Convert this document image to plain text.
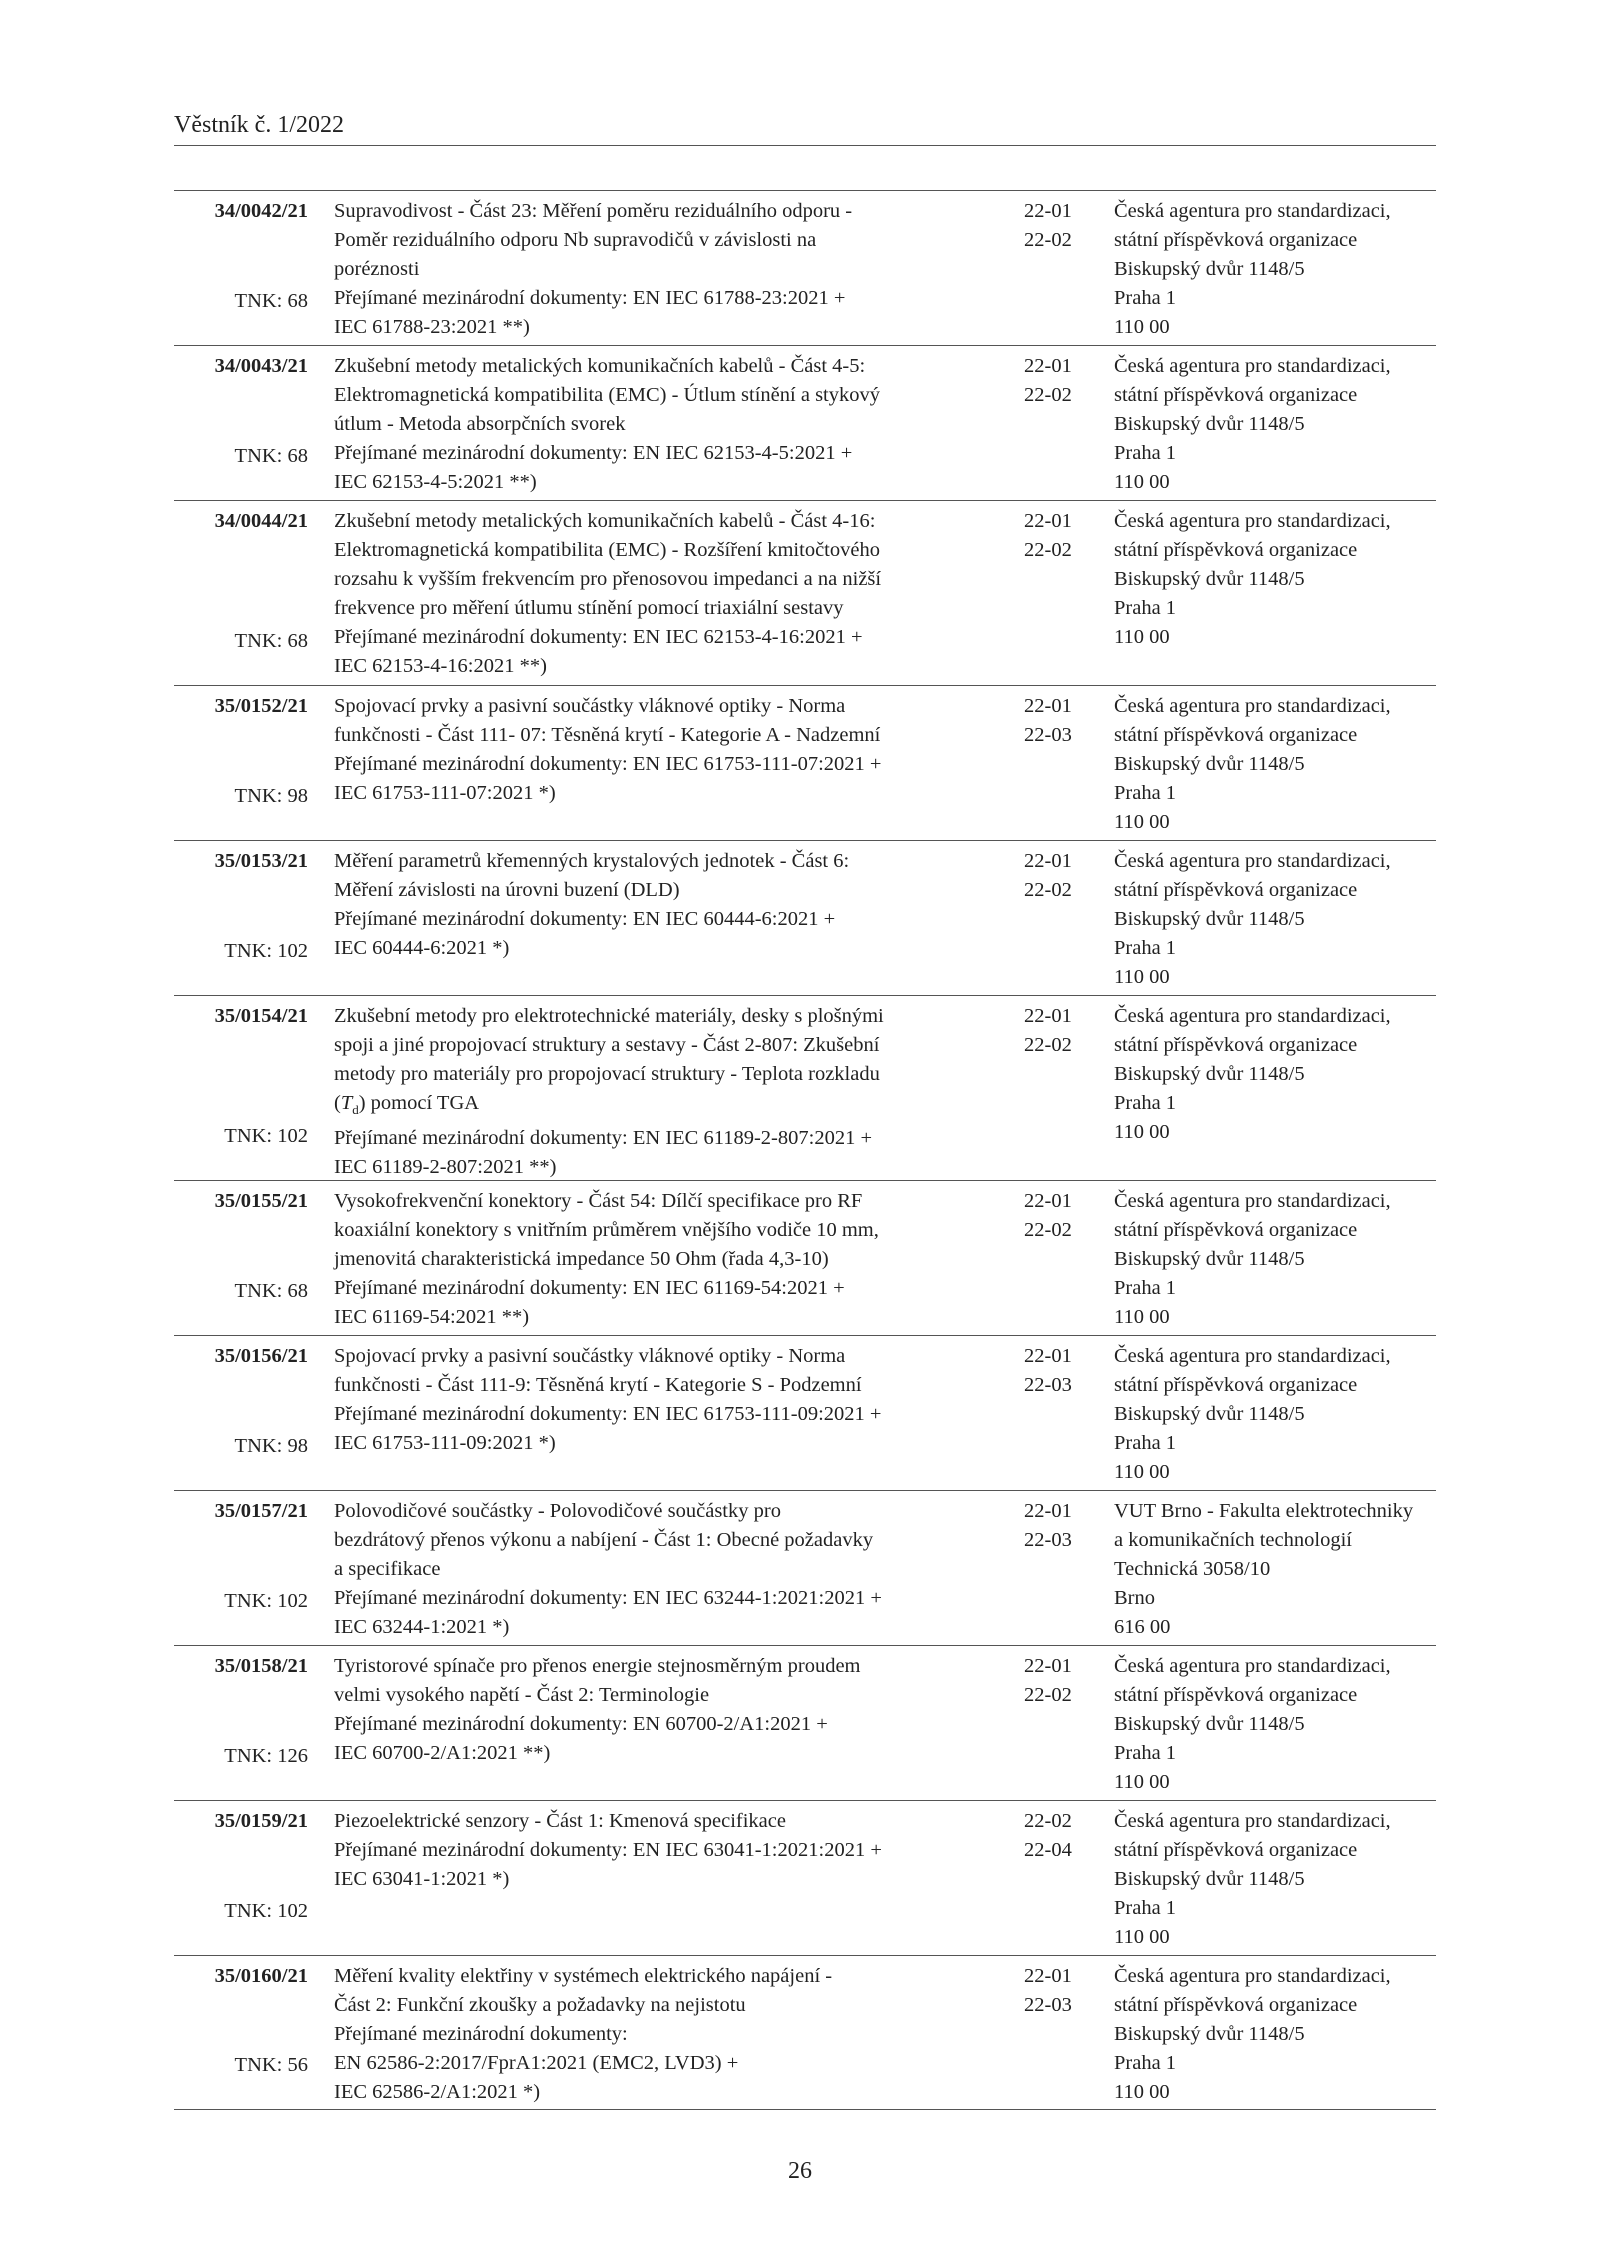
Věstník č. 1/2022
34/0042/21
TNK: 68
Supravodivost - Část 23: Měření poměru reziduálního odporu -
Poměr reziduálního odporu Nb supravodičů v závislosti na
poréznosti
Přejímané mezinárodní dokumenty: EN IEC 61788-23:2021 +
IEC 61788-23:2021 **)
22-01
22-02
Česká agentura pro standardizaci,
státní příspěvková organizace
Biskupský dvůr 1148/5
Praha 1
110 00
34/0043/21
TNK: 68
Zkušební metody metalických komunikačních kabelů - Část 4-5:
Elektromagnetická kompatibilita (EMC) - Útlum stínění a stykový
útlum - Metoda absorpčních svorek
Přejímané mezinárodní dokumenty: EN IEC 62153-4-5:2021 +
IEC 62153-4-5:2021 **)
22-01
22-02
Česká agentura pro standardizaci,
státní příspěvková organizace
Biskupský dvůr 1148/5
Praha 1
110 00
34/0044/21
TNK: 68
Zkušební metody metalických komunikačních kabelů - Část 4-16:
Elektromagnetická kompatibilita (EMC) - Rozšíření kmitočtového
rozsahu k vyšším frekvencím pro přenosovou impedanci a na nižší
frekvence pro měření útlumu stínění pomocí triaxiální sestavy
Přejímané mezinárodní dokumenty: EN IEC 62153-4-16:2021 +
IEC 62153-4-16:2021 **)
22-01
22-02
Česká agentura pro standardizaci,
státní příspěvková organizace
Biskupský dvůr 1148/5
Praha 1
110 00
35/0152/21
TNK: 98
Spojovací prvky a pasivní součástky vláknové optiky - Norma
funkčnosti - Část 111- 07: Těsněná krytí - Kategorie A - Nadzemní
Přejímané mezinárodní dokumenty: EN IEC 61753-111-07:2021 +
IEC 61753-111-07:2021 *)
22-01
22-03
Česká agentura pro standardizaci,
státní příspěvková organizace
Biskupský dvůr 1148/5
Praha 1
110 00
35/0153/21
TNK: 102
Měření parametrů křemenných krystalových jednotek - Část 6:
Měření závislosti na úrovni buzení (DLD)
Přejímané mezinárodní dokumenty: EN IEC 60444-6:2021 +
IEC 60444-6:2021 *)
22-01
22-02
Česká agentura pro standardizaci,
státní příspěvková organizace
Biskupský dvůr 1148/5
Praha 1
110 00
35/0154/21
TNK: 102
Zkušební metody pro elektrotechnické materiály, desky s plošnými
spoji a jiné propojovací struktury a sestavy - Část 2-807: Zkušební
metody pro materiály pro propojovací struktury - Teplota rozkladu
$(T_d)$ pomocí TGA
Přejímané mezinárodní dokumenty: EN IEC 61189-2-807:2021 +
IEC 61189-2-807:2021 **)
22-01
22-02
Česká agentura pro standardizaci,
státní příspěvková organizace
Biskupský dvůr 1148/5
Praha 1
110 00
35/0155/21
TNK: 68
Vysokofrekvenční konektory - Část 54: Dílčí specifikace pro RF
koaxiální konektory s vnitřním průměrem vnějšího vodiče 10 mm,
jmenovitá charakteristická impedance 50 Ohm (řada 4,3-10)
Přejímané mezinárodní dokumenty: EN IEC 61169-54:2021 +
IEC 61169-54:2021 **)
22-01
22-02
Česká agentura pro standardizaci,
státní příspěvková organizace
Biskupský dvůr 1148/5
Praha 1
110 00
35/0156/21
TNK: 98
Spojovací prvky a pasivní součástky vláknové optiky - Norma
funkčnosti - Část 111-9: Těsněná krytí - Kategorie S - Podzemní
Přejímané mezinárodní dokumenty: EN IEC 61753-111-09:2021 +
IEC 61753-111-09:2021 *)
22-01
22-03
Česká agentura pro standardizaci,
státní příspěvková organizace
Biskupský dvůr 1148/5
Praha 1
110 00
35/0157/21
TNK: 102
Polovodičové součástky - Polovodičové součástky pro
bezdrátový přenos výkonu a nabíjení - Část 1: Obecné požadavky
a specifikace
Přejímané mezinárodní dokumenty: EN IEC 63244-1:2021:2021 +
IEC 63244-1:2021 *)
22-01
22-03
VUT Brno - Fakulta elektrotechniky
a komunikačních technologií
Technická 3058/10
Brno
616 00
35/0158/21
TNK: 126
Tyristorové spínače pro přenos energie stejnosměrným proudem
velmi vysokého napětí - Část 2: Terminologie
Přejímané mezinárodní dokumenty: EN 60700-2/A1:2021 +
IEC 60700-2/A1:2021 **)
22-01
22-02
Česká agentura pro standardizaci,
státní příspěvková organizace
Biskupský dvůr 1148/5
Praha 1
110 00
35/0159/21
TNK: 102
Piezoelektrické senzory - Část 1: Kmenová specifikace
Přejímané mezinárodní dokumenty: EN IEC 63041-1:2021:2021 +
IEC 63041-1:2021 *)
22-02
22-04
Česká agentura pro standardizaci,
státní příspěvková organizace
Biskupský dvůr 1148/5
Praha 1
110 00
35/0160/21
TNK: 56
Měření kvality elektřiny v systémech elektrického napájení -
Část 2: Funkční zkoušky a požadavky na nejistotu
Přejímané mezinárodní dokumenty:
EN 62586-2:2017/FprA1:2021 (EMC2, LVD3) +
IEC 62586-2/A1:2021 *)
22-01
22-03
Česká agentura pro standardizaci,
státní příspěvková organizace
Biskupský dvůr 1148/5
Praha 1
110 00
26
